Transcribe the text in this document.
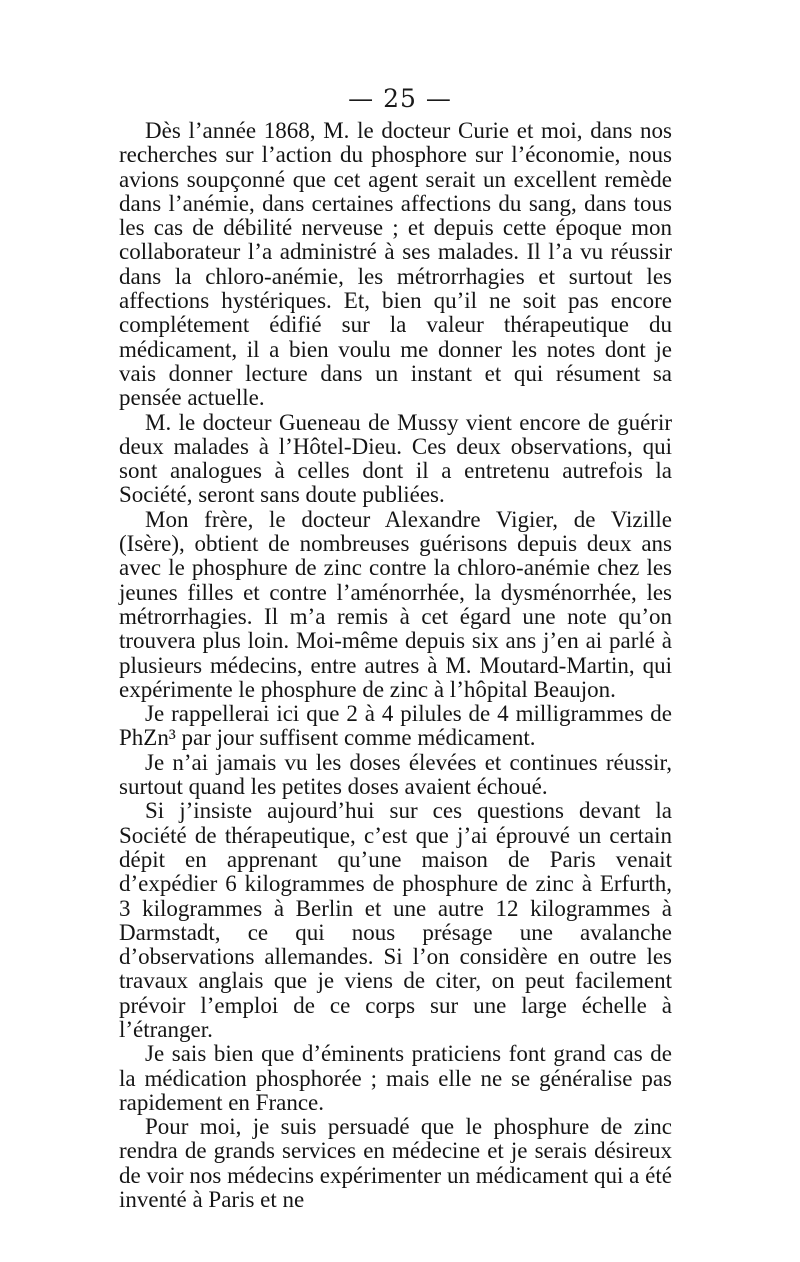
— 25 —

Dès l’année 1868, M. le docteur Curie et moi, dans nos recherches sur l’action du phosphore sur l’économie, nous avions soupçonné que cet agent serait un excellent remède dans l’anémie, dans certaines affections du sang, dans tous les cas de débilité nerveuse ; et depuis cette époque mon collaborateur l’a administré à ses malades. Il l’a vu réussir dans la chloro-anémie, les métrorrhagies et surtout les affections hystériques. Et, bien qu’il ne soit pas encore complétement édifié sur la valeur thérapeutique du médicament, il a bien voulu me donner les notes dont je vais donner lecture dans un instant et qui résument sa pensée actuelle.

M. le docteur Gueneau de Mussy vient encore de guérir deux malades à l’Hôtel-Dieu. Ces deux observations, qui sont analogues à celles dont il a entretenu autrefois la Société, seront sans doute publiées.

Mon frère, le docteur Alexandre Vigier, de Vizille (Isère), obtient de nombreuses guérisons depuis deux ans avec le phosphure de zinc contre la chloro-anémie chez les jeunes filles et contre l’aménorrhée, la dysménorrhée, les métrorrhagies. Il m’a remis à cet égard une note qu’on trouvera plus loin. Moi-même depuis six ans j’en ai parlé à plusieurs médecins, entre autres à M. Moutard-Martin, qui expérimente le phosphure de zinc à l’hôpital Beaujon.

Je rappellerai ici que 2 à 4 pilules de 4 milligrammes de PhZn³ par jour suffisent comme médicament.

Je n’ai jamais vu les doses élevées et continues réussir, surtout quand les petites doses avaient échoué.

Si j’insiste aujourd’hui sur ces questions devant la Société de thérapeutique, c’est que j’ai éprouvé un certain dépit en apprenant qu’une maison de Paris venait d’expédier 6 kilogrammes de phosphure de zinc à Erfurth, 3 kilogrammes à Berlin et une autre 12 kilogrammes à Darmstadt, ce qui nous présage une avalanche d’observations allemandes. Si l’on considère en outre les travaux anglais que je viens de citer, on peut facilement prévoir l’emploi de ce corps sur une large échelle à l’étranger.

Je sais bien que d’éminents praticiens font grand cas de la médication phosphorée ; mais elle ne se généralise pas rapidement en France.

Pour moi, je suis persuadé que le phosphure de zinc rendra de grands services en médecine et je serais désireux de voir nos médecins expérimenter un médicament qui a été inventé à Paris et ne
